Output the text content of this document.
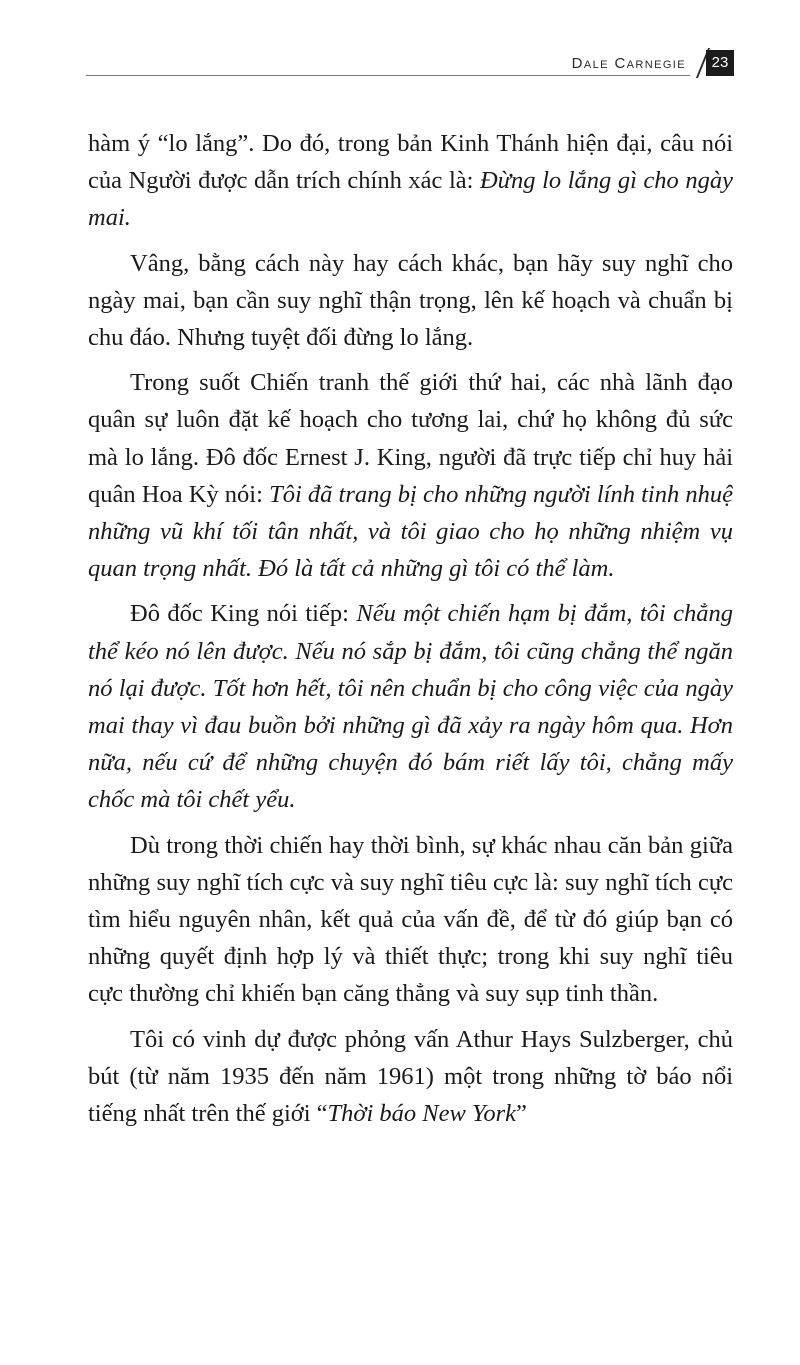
Dale Carnegie	23

hàm ý “lo lắng”. Do đó, trong bản Kinh Thánh hiện đại, câu nói của Người được dẫn trích chính xác là: Đừng lo lắng gì cho ngày mai.

Vâng, bằng cách này hay cách khác, bạn hãy suy nghĩ cho ngày mai, bạn cần suy nghĩ thận trọng, lên kế hoạch và chuẩn bị chu đáo. Nhưng tuyệt đối đừng lo lắng.

Trong suốt Chiến tranh thế giới thứ hai, các nhà lãnh đạo quân sự luôn đặt kế hoạch cho tương lai, chứ họ không đủ sức mà lo lắng. Đô đốc Ernest J. King, người đã trực tiếp chỉ huy hải quân Hoa Kỳ nói: Tôi đã trang bị cho những người lính tinh nhuệ những vũ khí tối tân nhất, và tôi giao cho họ những nhiệm vụ quan trọng nhất. Đó là tất cả những gì tôi có thể làm.

Đô đốc King nói tiếp: Nếu một chiến hạm bị đắm, tôi chẳng thể kéo nó lên được. Nếu nó sắp bị đắm, tôi cũng chẳng thể ngăn nó lại được. Tốt hơn hết, tôi nên chuẩn bị cho công việc của ngày mai thay vì đau buồn bởi những gì đã xảy ra ngày hôm qua. Hơn nữa, nếu cứ để những chuyện đó bám riết lấy tôi, chẳng mấy chốc mà tôi chết yểu.

Dù trong thời chiến hay thời bình, sự khác nhau căn bản giữa những suy nghĩ tích cực và suy nghĩ tiêu cực là: suy nghĩ tích cực tìm hiểu nguyên nhân, kết quả của vấn đề, để từ đó giúp bạn có những quyết định hợp lý và thiết thực; trong khi suy nghĩ tiêu cực thường chỉ khiến bạn căng thẳng và suy sụp tinh thần.

Tôi có vinh dự được phỏng vấn Athur Hays Sulzberger, chủ bút (từ năm 1935 đến năm 1961) một trong những tờ báo nổi tiếng nhất trên thế giới “Thời báo New York”
